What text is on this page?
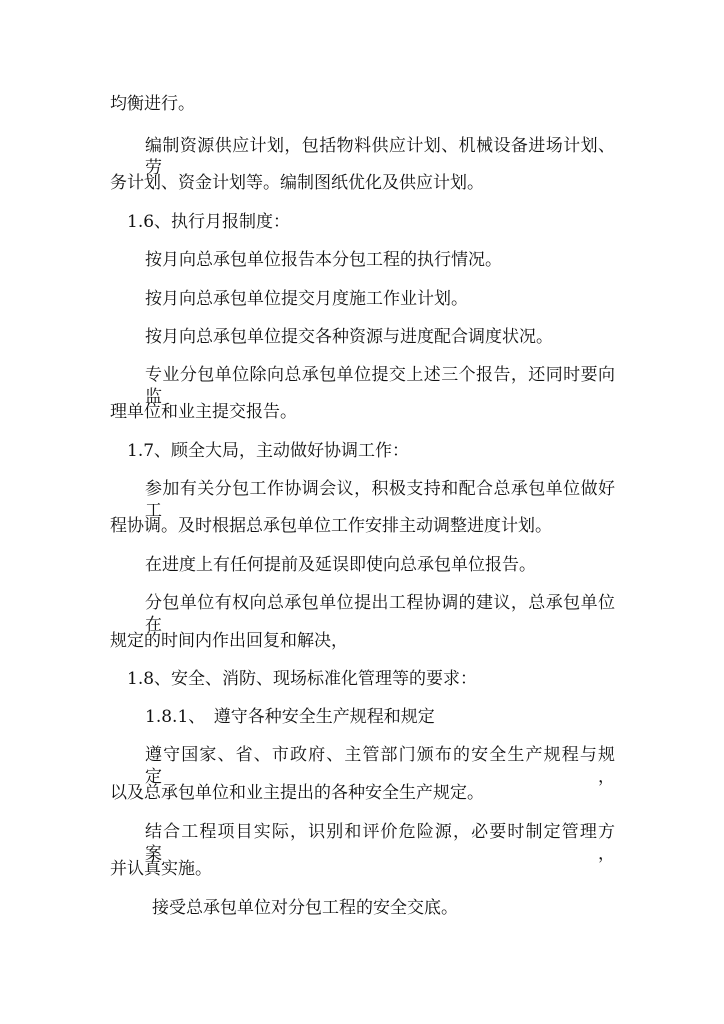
均衡进行。
编制资源供应计划，包括物料供应计划、机械设备进场计划、劳
务计划、资金计划等。编制图纸优化及供应计划。
1.6、执行月报制度：
按月向总承包单位报告本分包工程的执行情况。
按月向总承包单位提交月度施工作业计划。
按月向总承包单位提交各种资源与进度配合调度状况。
专业分包单位除向总承包单位提交上述三个报告，还同时要向监
理单位和业主提交报告。
1.7、顾全大局，主动做好协调工作：
参加有关分包工作协调会议，积极支持和配合总承包单位做好工
程协调。及时根据总承包单位工作安排主动调整进度计划。
在进度上有任何提前及延误即使向总承包单位报告。
分包单位有权向总承包单位提出工程协调的建议，总承包单位在
规定的时间内作出回复和解决，
1.8、安全、消防、现场标准化管理等的要求：
1.8.1、　遵守各种安全生产规程和规定
遵守国家、省、市政府、主管部门颁布的安全生产规程与规定，
以及总承包单位和业主提出的各种安全生产规定。
结合工程项目实际，识别和评价危险源，必要时制定管理方案，
并认真实施。
接受总承包单位对分包工程的安全交底。
